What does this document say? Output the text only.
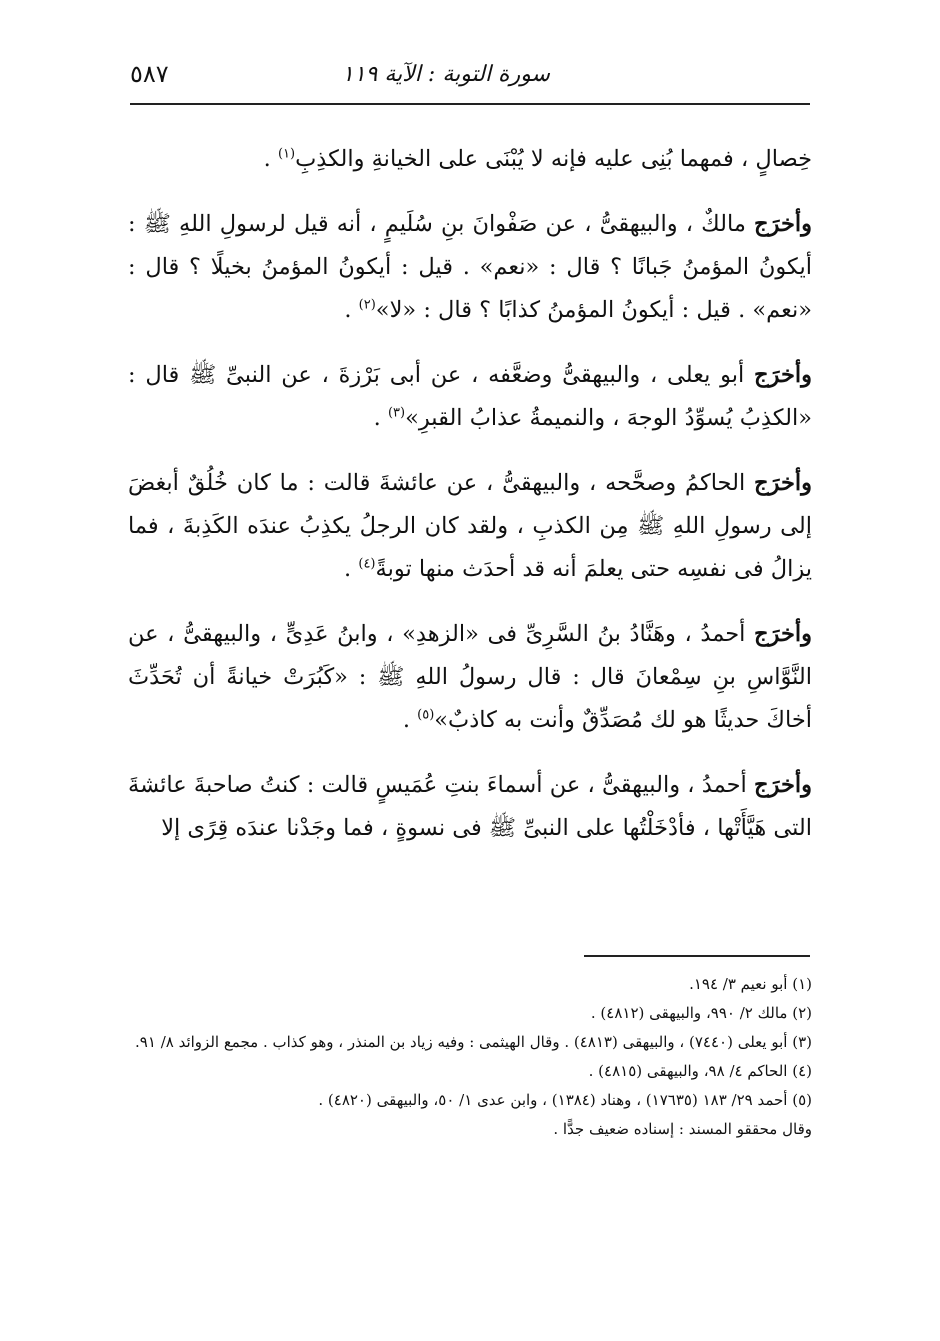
سورة التوبة : الآية ١١٩
٥٨٧

خِصالٍ ، فمهما بُنِى عليه فإنه لا يُبْنَى على الخيانةِ والكذِبِ$^{(١)}$ .

وأخرَج مالكٌ ، والبيهقىُّ ، عن صَفْوانَ بنِ سُلَيمٍ ، أنه قيل لرسولِ اللهِ ﷺ : أيكونُ المؤمنُ جَبانًا ؟ قال : «نعم» . قيل : أيكونُ المؤمنُ بخيلًا ؟ قال : «نعم» . قيل : أيكونُ المؤمنُ كذابًا ؟ قال : «لا»$^{(٢)}$ .

وأخرَج أبو يعلى ، والبيهقىُّ وضعَّفه ، عن أبى بَرْزةَ ، عن النبىِّ ﷺ قال : «الكذِبُ يُسوِّدُ الوجهَ ، والنميمةُ عذابُ القبرِ»$^{(٣)}$ .

وأخرَج الحاكمُ وصحَّحه ، والبيهقىُّ ، عن عائشةَ قالت : ما كان خُلُقٌ أبغضَ إلى رسولِ اللهِ ﷺ مِن الكذبِ ، ولقد كان الرجلُ يكذِبُ عندَه الكَذِبةَ ، فما يزالُ فى نفسِه حتى يعلمَ أنه قد أحدَث منها توبةً$^{(٤)}$ .

وأخرَج أحمدُ ، وهَنَّادُ بنُ السَّرِىِّ فى «الزهدِ» ، وابنُ عَدِىٍّ ، والبيهقىُّ ، عن النَّوَّاسِ بنِ سِمْعانَ قال : قال رسولُ اللهِ ﷺ : «كَبُرَتْ خيانةً أن تُحَدِّثَ أخاكَ حديثًا هو لك مُصَدِّقٌ وأنت به كاذبٌ»$^{(٥)}$ .

وأخرَج أحمدُ ، والبيهقىُّ ، عن أسماءَ بنتِ عُمَيسٍ قالت : كنتُ صاحبةَ عائشةَ التى هَيَّأَتْها ، فأدْخَلْتُها على النبىِّ ﷺ فى نسوةٍ ، فما وجَدْنا عندَه قِرًى إلا

(١) أبو نعيم ٣/ ١٩٤.

(٢) مالك ٢/ ٩٩٠، والبيهقى (٤٨١٢) .

(٣) أبو يعلى (٧٤٤٠) ، والبيهقى (٤٨١٣) . وقال الهيثمى : وفيه زياد بن المنذر ، وهو كذاب . مجمع الزوائد ٨/ ٩١.

(٤) الحاكم ٤/ ٩٨، والبيهقى (٤٨١٥) .

(٥) أحمد ٢٩/ ١٨٣ (١٧٦٣٥) ، وهناد (١٣٨٤) ، وابن عدى ١/ ٥٠، والبيهقى (٤٨٢٠) .

وقال محققو المسند : إسناده ضعيف جدًّا .
